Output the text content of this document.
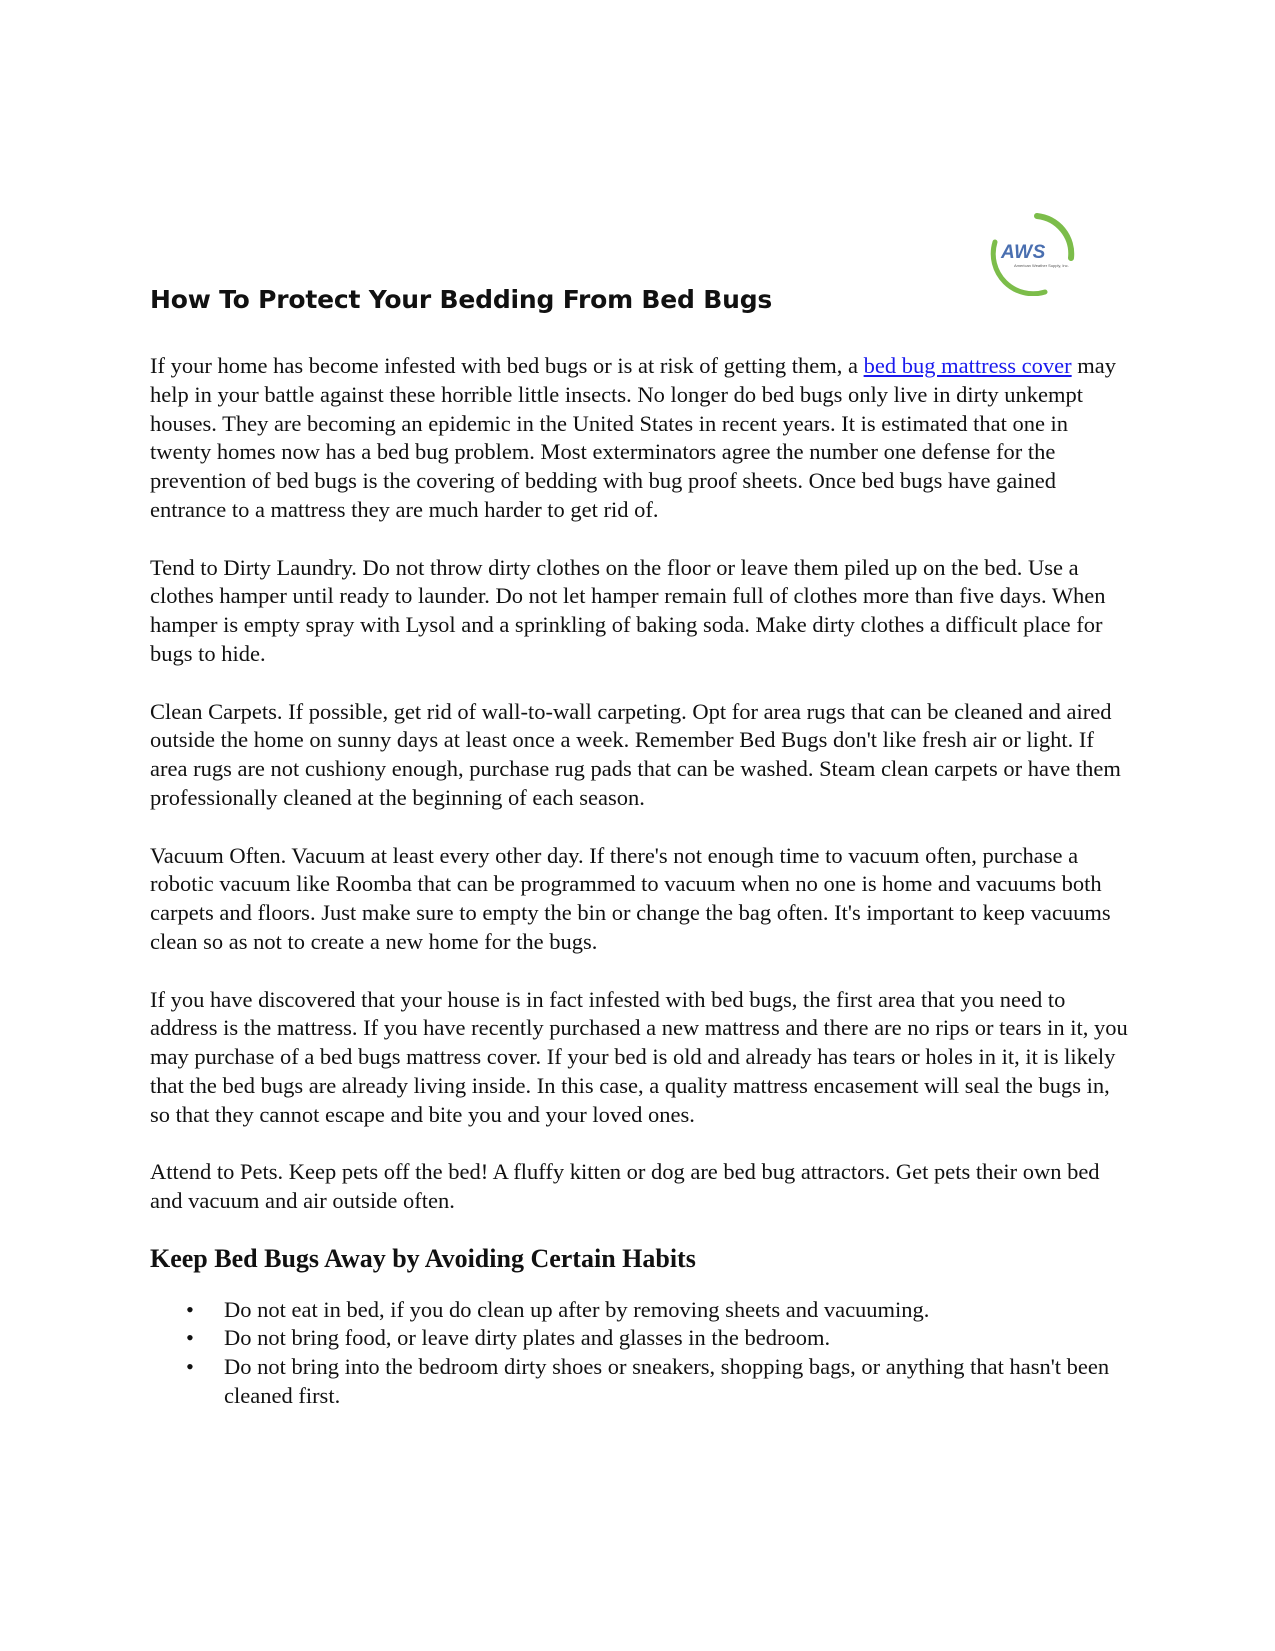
AWS
American Weather Supply, Inc.
How To Protect Your Bedding From Bed Bugs

If your home has become infested with bed bugs or is at risk of getting them, a bed bug mattress cover may help in your battle against these horrible little insects. No longer do bed bugs only live in dirty unkempt houses. They are becoming an epidemic in the United States in recent years. It is estimated that one in twenty homes now has a bed bug problem. Most exterminators agree the number one defense for the prevention of bed bugs is the covering of bedding with bug proof sheets. Once bed bugs have gained entrance to a mattress they are much harder to get rid of.

Tend to Dirty Laundry. Do not throw dirty clothes on the floor or leave them piled up on the bed. Use a clothes hamper until ready to launder. Do not let hamper remain full of clothes more than five days. When hamper is empty spray with Lysol and a sprinkling of baking soda. Make dirty clothes a difficult place for bugs to hide.

Clean Carpets. If possible, get rid of wall-to-wall carpeting. Opt for area rugs that can be cleaned and aired outside the home on sunny days at least once a week. Remember Bed Bugs don't like fresh air or light. If area rugs are not cushiony enough, purchase rug pads that can be washed. Steam clean carpets or have them professionally cleaned at the beginning of each season.

Vacuum Often. Vacuum at least every other day. If there's not enough time to vacuum often, purchase a robotic vacuum like Roomba that can be programmed to vacuum when no one is home and vacuums both carpets and floors. Just make sure to empty the bin or change the bag often. It's important to keep vacuums clean so as not to create a new home for the bugs.

If you have discovered that your house is in fact infested with bed bugs, the first area that you need to address is the mattress. If you have recently purchased a new mattress and there are no rips or tears in it, you may purchase of a bed bugs mattress cover. If your bed is old and already has tears or holes in it, it is likely that the bed bugs are already living inside. In this case, a quality mattress encasement will seal the bugs in, so that they cannot escape and bite you and your loved ones.

Attend to Pets. Keep pets off the bed! A fluffy kitten or dog are bed bug attractors. Get pets their own bed and vacuum and air outside often.

Keep Bed Bugs Away by Avoiding Certain Habits
• Do not eat in bed, if you do clean up after by removing sheets and vacuuming.
• Do not bring food, or leave dirty plates and glasses in the bedroom.
• Do not bring into the bedroom dirty shoes or sneakers, shopping bags, or anything that hasn't been cleaned first.
